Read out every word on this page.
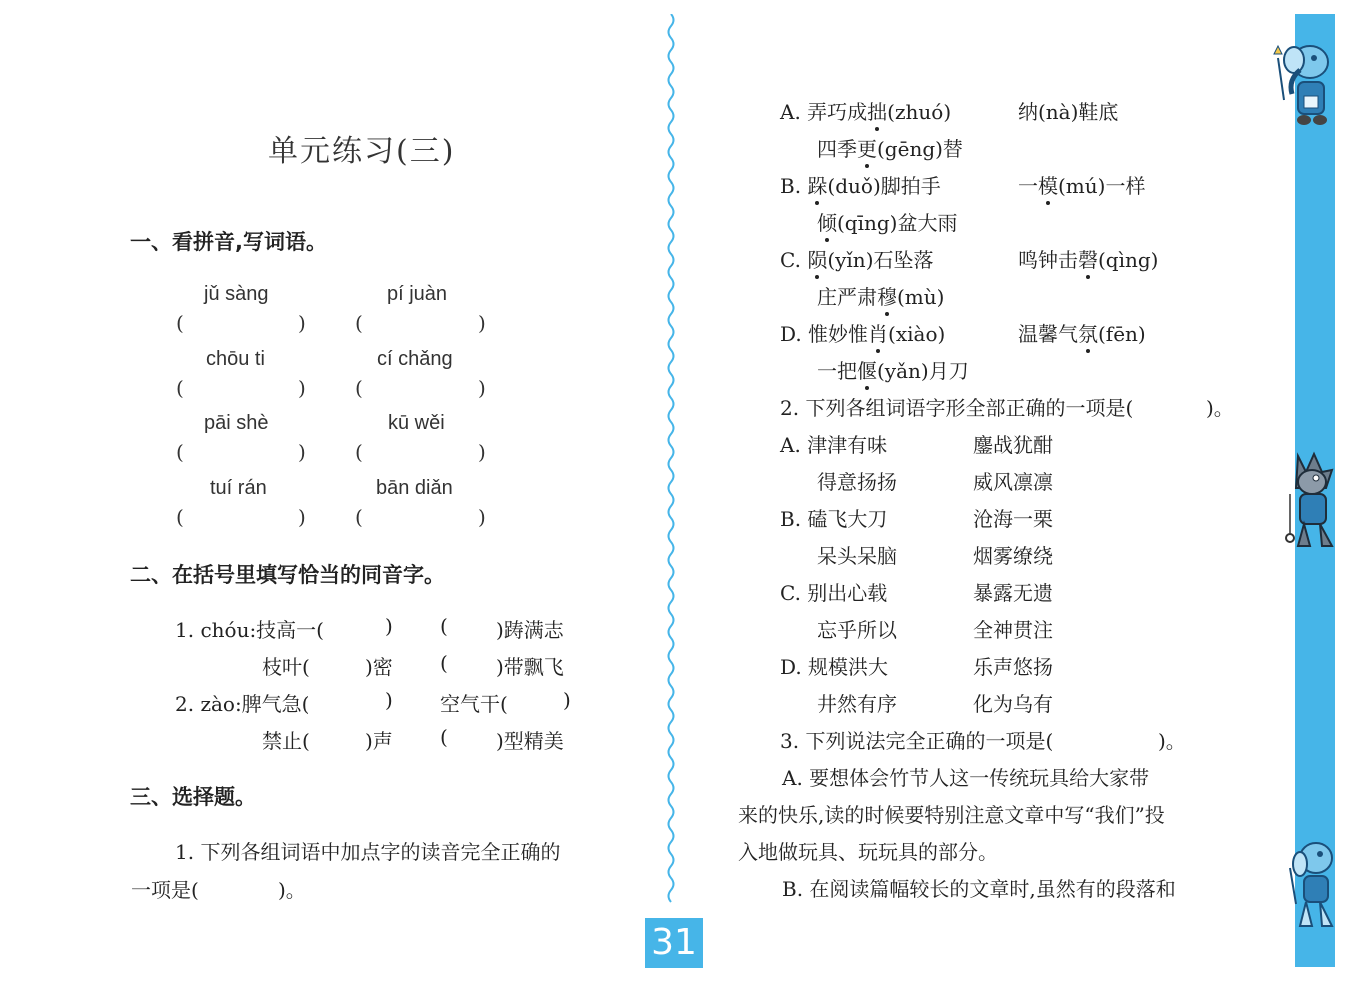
单元练习(三)
一、看拼音,写词语。
jǔ sàng	pí juàn
(	) (	)
chōu ti	cí chǎng
(	) (	)
pāi shè	kū wěi
(	) (	)
tuí rán	bān diǎn
(	) (	)
二、在括号里填写恰当的同音字。
1. chóu:技高一(	) ( )踌满志
枝叶(	)密 ( )带飘飞
2. zào:脾气急(	) 空气干(	)
禁止(	)声 ( )型精美
三、选择题。
1. 下列各组词语中加点字的读音完全正确的
一项是(	)。
A. 弄巧成拙(zhuó)	纳(nà)鞋底
四季更(gēng)替
B. 跺(duǒ)脚拍手	一模(mú)一样
倾(qīng)盆大雨
C. 陨(yǐn)石坠落	鸣钟击磬(qìng)
庄严肃穆(mù)
D. 惟妙惟肖(xiào)	温馨气氛(fēn)
一把偃(yǎn)月刀
2. 下列各组词语字形全部正确的一项是(	)。
A. 津津有味	鏖战犹酣
得意扬扬	威风凛凛
B. 磕飞大刀	沧海一栗
呆头呆脑	烟雾缭绕
C. 别出心载	暴露无遗
忘乎所以	全神贯注
D. 规模洪大	乐声悠扬
井然有序	化为乌有
3. 下列说法完全正确的一项是(	)。
A. 要想体会竹节人这一传统玩具给大家带
来的快乐,读的时候要特别注意文章中写“我们”投
入地做玩具、玩玩具的部分。
B. 在阅读篇幅较长的文章时,虽然有的段落和
31
